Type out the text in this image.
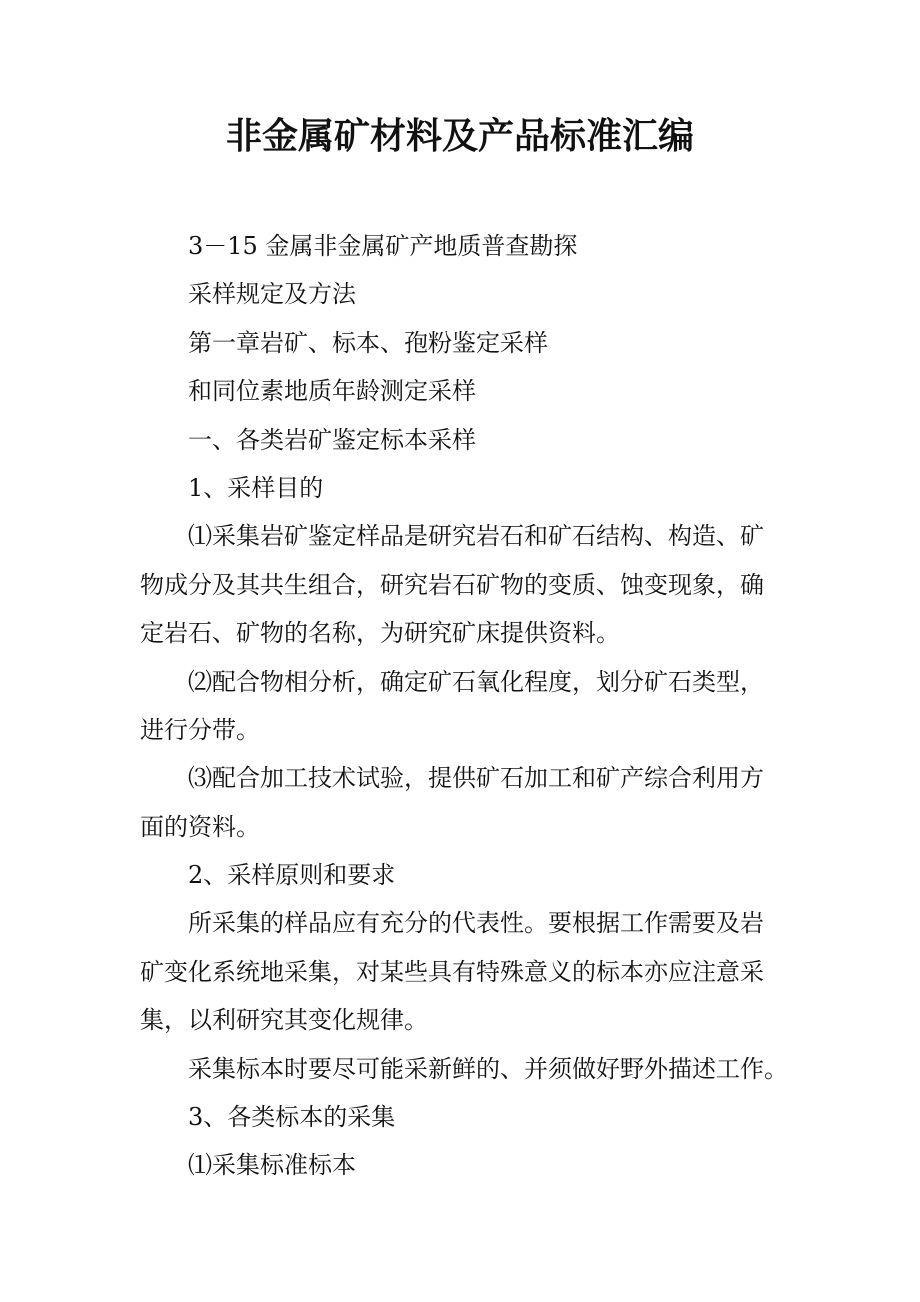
非金属矿材料及产品标准汇编
3－15 金属非金属矿产地质普查勘探
采样规定及方法
第一章岩矿、标本、孢粉鉴定采样
和同位素地质年龄测定采样
一、各类岩矿鉴定标本采样
1、采样目的
⑴采集岩矿鉴定样品是研究岩石和矿石结构、构造、矿
物成分及其共生组合，研究岩石矿物的变质、蚀变现象，确
定岩石、矿物的名称，为研究矿床提供资料。
⑵配合物相分析，确定矿石氧化程度，划分矿石类型，
进行分带。
⑶配合加工技术试验，提供矿石加工和矿产综合利用方
面的资料。
2、采样原则和要求
所采集的样品应有充分的代表性。要根据工作需要及岩
矿变化系统地采集，对某些具有特殊意义的标本亦应注意采
集，以利研究其变化规律。
采集标本时要尽可能采新鲜的、并须做好野外描述工作。
3、各类标本的采集
⑴采集标准标本
